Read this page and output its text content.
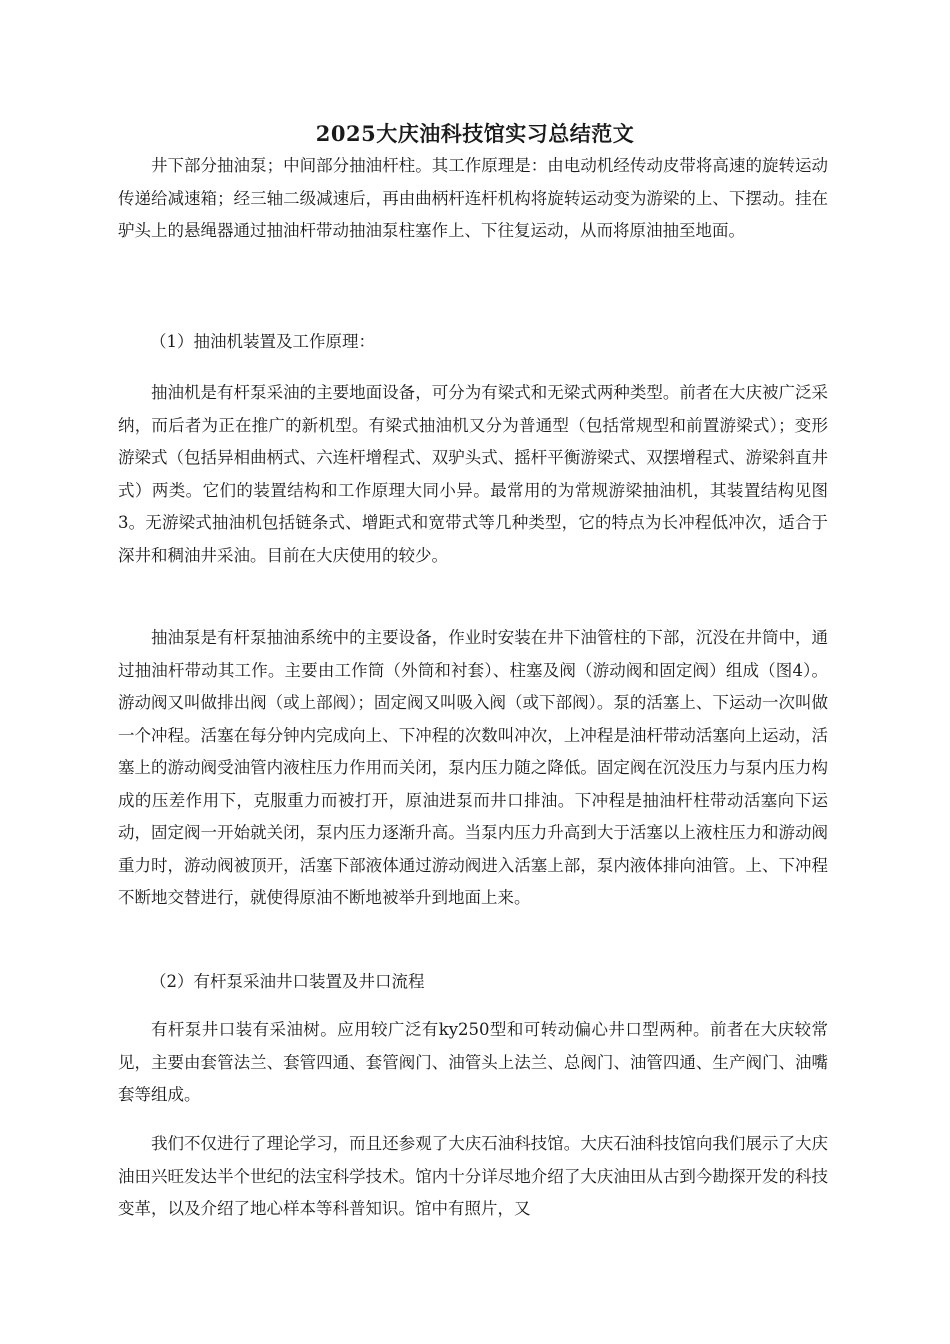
2025大庆油科技馆实习总结范文

井下部分抽油泵；中间部分抽油杆柱。其工作原理是：由电动机经传动皮带将高速的旋转运动传递给减速箱；经三轴二级减速后，再由曲柄杆连杆机构将旋转运动变为游梁的上、下摆动。挂在驴头上的悬绳器通过抽油杆带动抽油泵柱塞作上、下往复运动，从而将原油抽至地面。

（1）抽油机装置及工作原理：

抽油机是有杆泵采油的主要地面设备，可分为有梁式和无梁式两种类型。前者在大庆被广泛采纳，而后者为正在推广的新机型。有梁式抽油机又分为普通型（包括常规型和前置游梁式）；变形游梁式（包括异相曲柄式、六连杆增程式、双驴头式、摇杆平衡游梁式、双摆增程式、游梁斜直井式）两类。它们的装置结构和工作原理大同小异。最常用的为常规游梁抽油机，其装置结构见图3。无游梁式抽油机包括链条式、增距式和宽带式等几种类型，它的特点为长冲程低冲次，适合于深井和稠油井采油。目前在大庆使用的较少。

抽油泵是有杆泵抽油系统中的主要设备，作业时安装在井下油管柱的下部，沉没在井筒中，通过抽油杆带动其工作。主要由工作筒（外筒和衬套）、柱塞及阀（游动阀和固定阀）组成（图4）。游动阀又叫做排出阀（或上部阀）；固定阀又叫吸入阀（或下部阀）。泵的活塞上、下运动一次叫做一个冲程。活塞在每分钟内完成向上、下冲程的次数叫冲次，上冲程是油杆带动活塞向上运动，活塞上的游动阀受油管内液柱压力作用而关闭，泵内压力随之降低。固定阀在沉没压力与泵内压力构成的压差作用下，克服重力而被打开，原油进泵而井口排油。下冲程是抽油杆柱带动活塞向下运动，固定阀一开始就关闭，泵内压力逐渐升高。当泵内压力升高到大于活塞以上液柱压力和游动阀重力时，游动阀被顶开，活塞下部液体通过游动阀进入活塞上部，泵内液体排向油管。上、下冲程不断地交替进行，就使得原油不断地被举升到地面上来。

（2）有杆泵采油井口装置及井口流程

有杆泵井口装有采油树。应用较广泛有ky250型和可转动偏心井口型两种。前者在大庆较常见，主要由套管法兰、套管四通、套管阀门、油管头上法兰、总阀门、油管四通、生产阀门、油嘴套等组成。

我们不仅进行了理论学习，而且还参观了大庆石油科技馆。大庆石油科技馆向我们展示了大庆油田兴旺发达半个世纪的法宝科学技术。馆内十分详尽地介绍了大庆油田从古到今勘探开发的科技变革，以及介绍了地心样本等科普知识。馆中有照片，又
